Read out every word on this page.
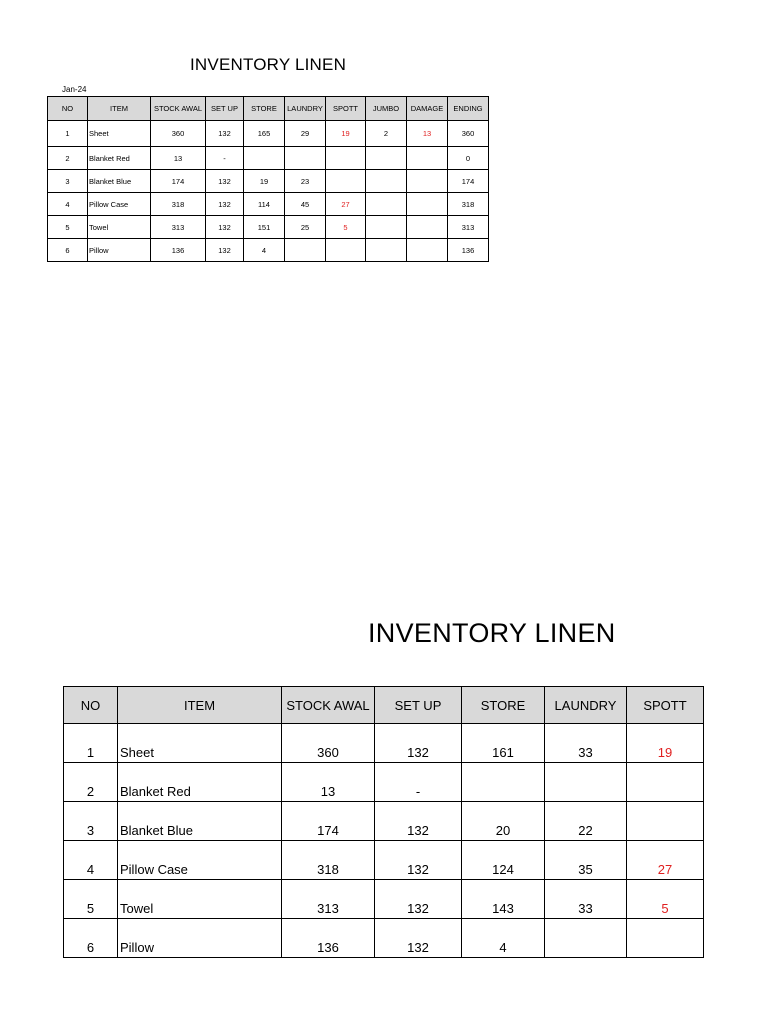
INVENTORY LINEN
Jan-24
NO	ITEM	STOCK AWAL	SET UP	STORE	LAUNDRY	SPOTT	JUMBO	DAMAGE	ENDING
1	Sheet	360	132	165	29	19	2	13	360
2	Blanket Red	13	-						0
3	Blanket Blue	174	132	19	23				174
4	Pillow Case	318	132	114	45	27			318
5	Towel	313	132	151	25	5			313
6	Pillow	136	132	4					136
INVENTORY LINEN
NO	ITEM	STOCK AWAL	SET UP	STORE	LAUNDRY	SPOTT
1	Sheet	360	132	161	33	19
2	Blanket Red	13	-			
3	Blanket Blue	174	132	20	22	
4	Pillow Case	318	132	124	35	27
5	Towel	313	132	143	33	5
6	Pillow	136	132	4		
